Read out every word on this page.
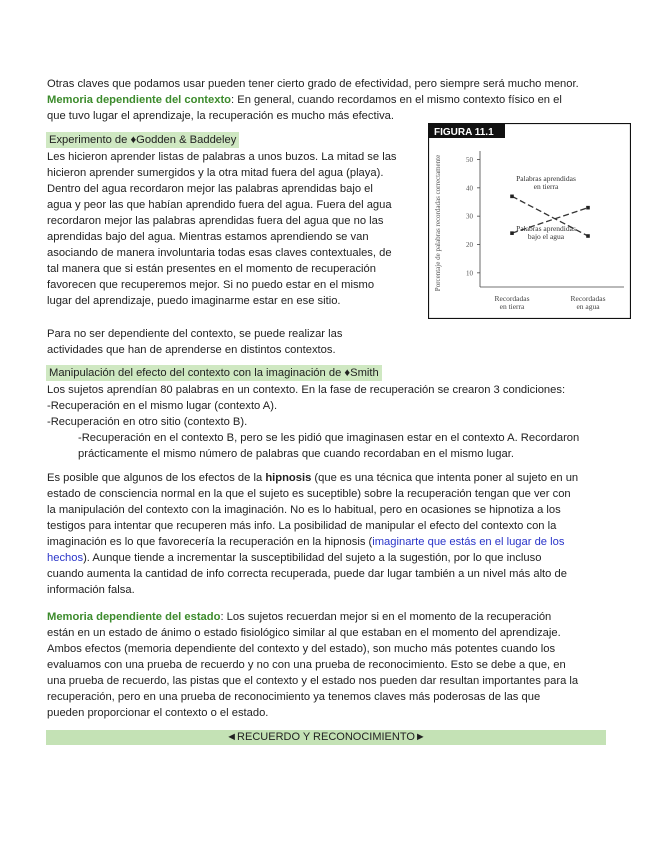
Otras claves que podamos usar pueden tener cierto grado de efectividad, pero siempre será mucho menor.

Memoria dependiente del contexto: En general, cuando recordamos en el mismo contexto físico en el

que tuvo lugar el aprendizaje, la recuperación es mucho más efectiva.

Experimento de ♦Godden & Baddeley

Les hicieron aprender listas de palabras a unos buzos. La mitad se las

hicieron aprender sumergidos y la otra mitad fuera del agua (playa).

Dentro del agua recordaron mejor las palabras aprendidas bajo el

agua y peor las que habían aprendido fuera del agua. Fuera del agua

recordaron mejor las palabras aprendidas fuera del agua que no las

aprendidas bajo del agua. Mientras estamos aprendiendo se van

asociando de manera involuntaria todas esas claves contextuales, de

tal manera que si están presentes en el momento de recuperación

favorecen que recuperemos mejor. Si no puedo estar en el mismo

lugar del aprendizaje, puedo imaginarme estar en ese sitio.

Para no ser dependiente del contexto, se puede realizar las

actividades que han de aprenderse en distintos contextos.

Manipulación del efecto del contexto con la imaginación de ♦Smith

Los sujetos aprendían 80 palabras en un contexto. En la fase de recuperación se crearon 3 condiciones:

-Recuperación en el mismo lugar (contexto A).

-Recuperación en otro sitio (contexto B).

-Recuperación en el contexto B, pero se les pidió que imaginasen estar en el contexto A. Recordaron

prácticamente el mismo número de palabras que cuando recordaban en el mismo lugar.

Es posible que algunos de los efectos de la hipnosis (que es una técnica que intenta poner al sujeto en un

estado de consciencia normal en la que el sujeto es suceptible) sobre la recuperación tengan que ver con

la manipulación del contexto con la imaginación. No es lo habitual, pero en ocasiones se hipnotiza a los

testigos para intentar que recuperen más info. La posibilidad de manipular el efecto del contexto con la

imaginación es lo que favorecería la recuperación en la hipnosis (imaginarte que estás en el lugar de los

hechos). Aunque tiende a incrementar la susceptibilidad del sujeto a la sugestión, por lo que incluso

cuando aumenta la cantidad de info correcta recuperada, puede dar lugar también a un nivel más alto de

información falsa.

Memoria dependiente del estado: Los sujetos recuerdan mejor si en el momento de la recuperación

están en un estado de ánimo o estado fisiológico similar al que estaban en el momento del aprendizaje.

Ambos efectos (memoria dependiente del contexto y del estado), son mucho más potentes cuando los

evaluamos con una prueba de recuerdo y no con una prueba de reconocimiento. Esto se debe a que, en

una prueba de recuerdo, las pistas que el contexto y el estado nos pueden dar resultan importantes para la

recuperación, pero en una prueba de reconocimiento ya tenemos claves más poderosas de las que

pueden proporcionar el contexto o el estado.

◄RECUERDO Y RECONOCIMIENTO►
FIGURA 11.1
Porcentaje de palabras recordadas correctamente	10
20
30
40
50
Recordadas
en tierra
Recordadas
en agua
Palabras aprendidas
en tierra
Palabras aprendidas
bajo el agua
